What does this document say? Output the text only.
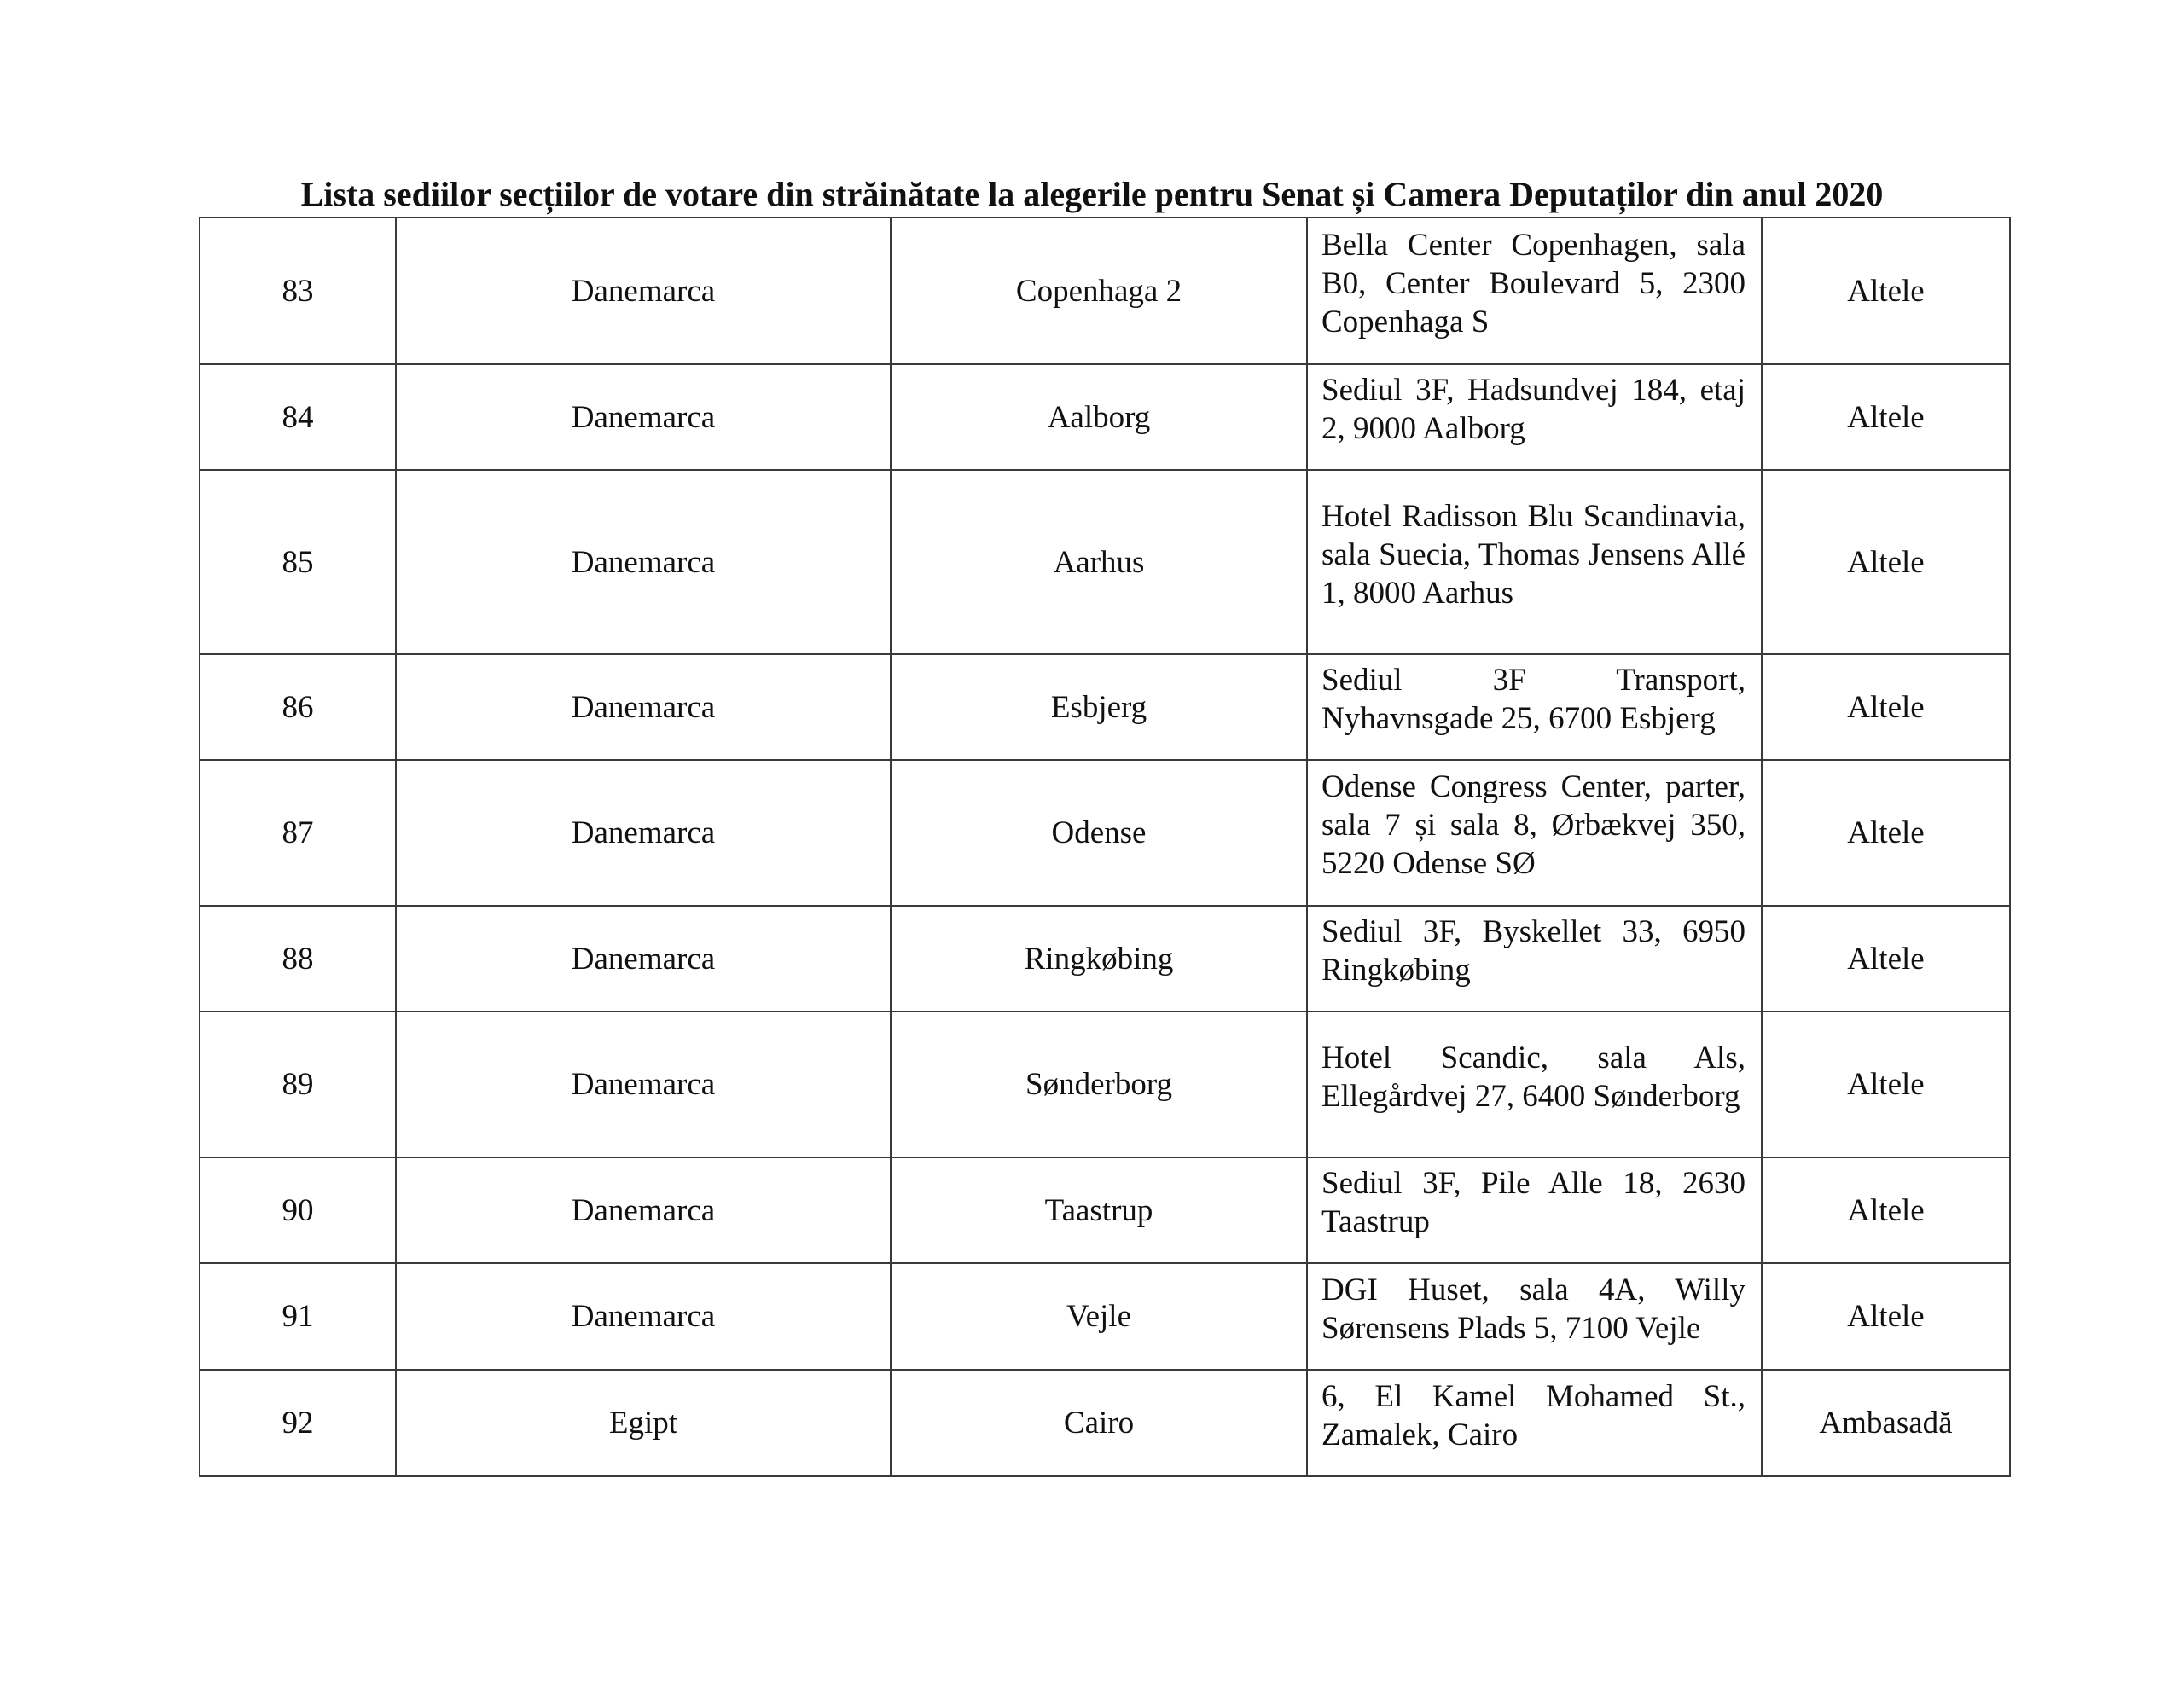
Lista sediilor secțiilor de votare din străinătate la alegerile pentru Senat și Camera Deputaților din anul 2020
83	Danemarca	Copenhaga 2	Bella Center Copenhagen, sala B0, Center Boulevard 5, 2300 Copenhaga S	Altele
84	Danemarca	Aalborg	Sediul 3F, Hadsundvej 184, etaj 2, 9000 Aalborg	Altele
85	Danemarca	Aarhus	Hotel Radisson Blu Scandinavia, sala Suecia, Thomas Jensens Allé 1, 8000 Aarhus	Altele
86	Danemarca	Esbjerg	Sediul 3F Transport, Nyhavnsgade 25, 6700 Esbjerg	Altele
87	Danemarca	Odense	Odense Congress Center, parter, sala 7 și sala 8, Ørbækvej 350, 5220 Odense SØ	Altele
88	Danemarca	Ringkøbing	Sediul 3F, Byskellet 33, 6950 Ringkøbing	Altele
89	Danemarca	Sønderborg	Hotel Scandic, sala Als, Ellegårdvej 27, 6400 Sønderborg	Altele
90	Danemarca	Taastrup	Sediul 3F, Pile Alle 18, 2630 Taastrup	Altele
91	Danemarca	Vejle	DGI Huset, sala 4A, Willy Sørensens Plads 5, 7100 Vejle	Altele
92	Egipt	Cairo	6, El Kamel Mohamed St., Zamalek, Cairo	Ambasadă
